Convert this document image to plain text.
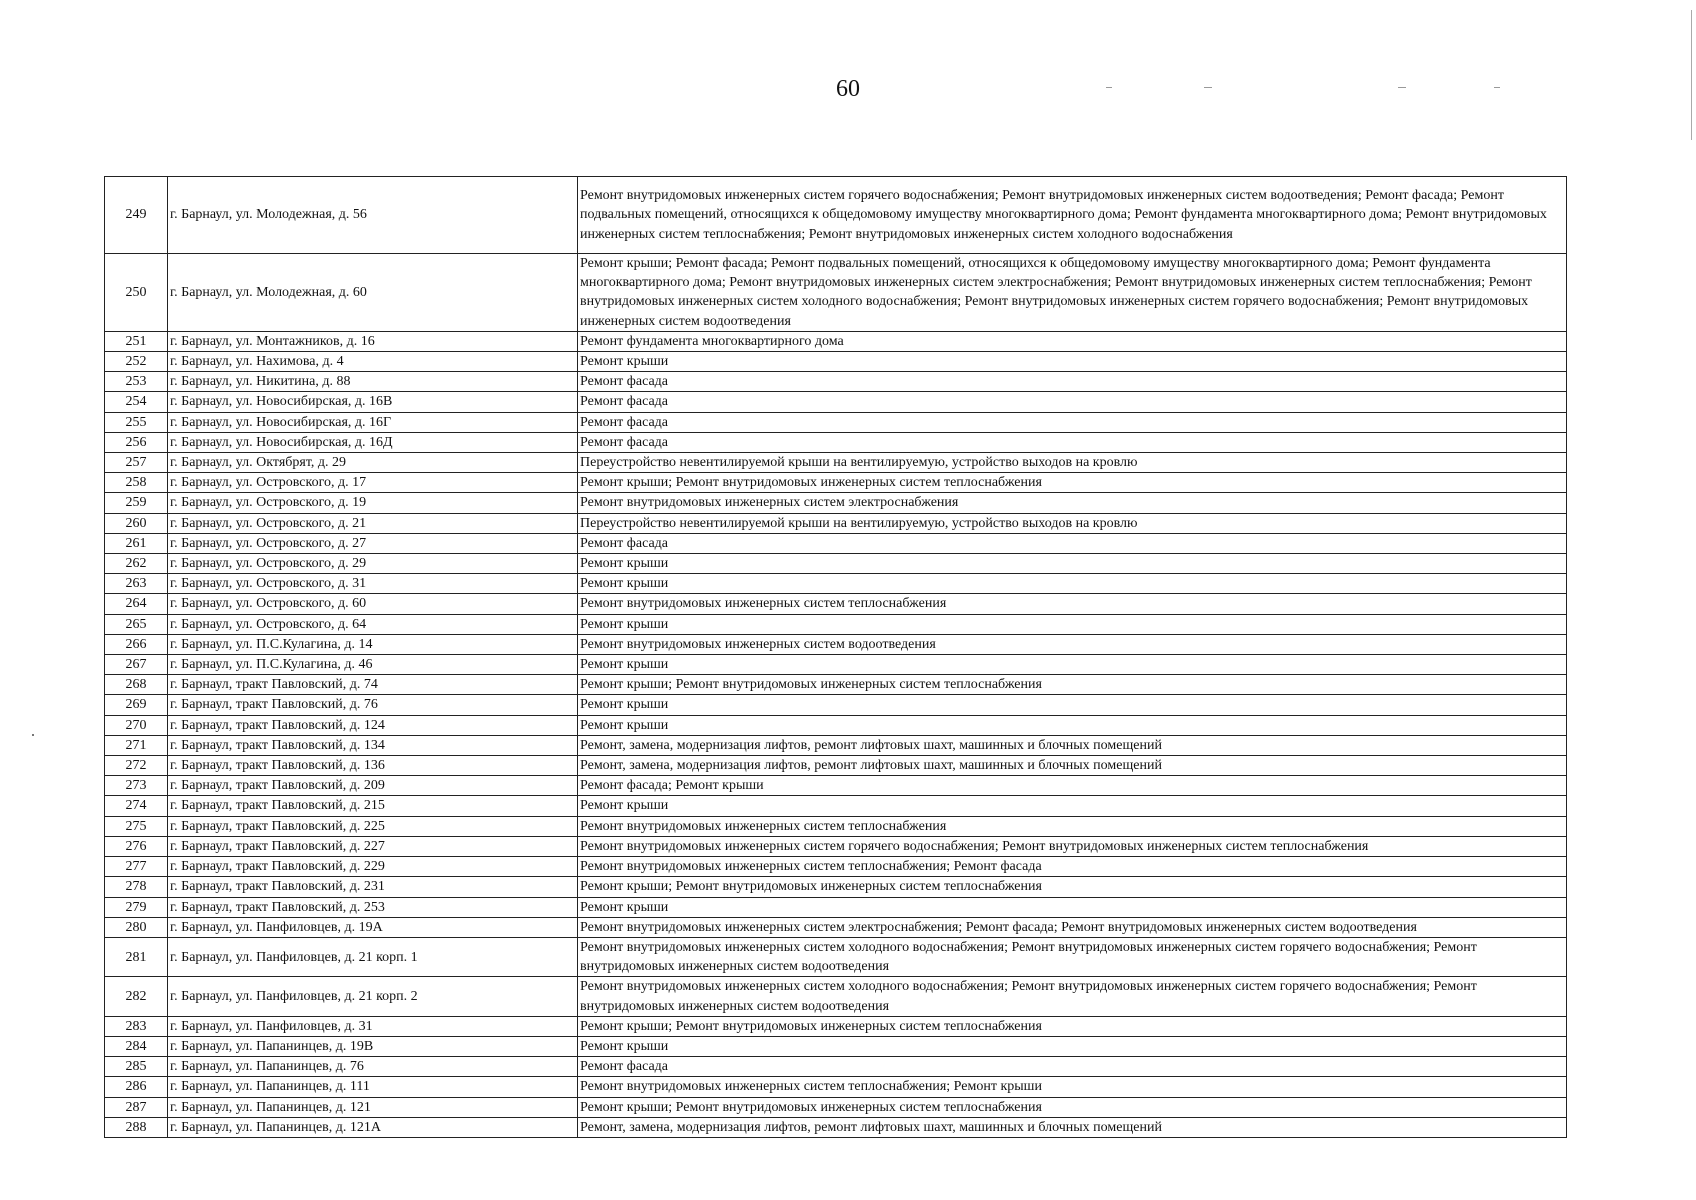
60
249	г. Барнаул, ул. Молодежная, д. 56	Ремонт внутридомовых инженерных систем горячего водоснабжения; Ремонт внутридомовых инженерных систем водоотведения; Ремонт фасада; Ремонт подвальных помещений, относящихся к общедомовому имуществу многоквартирного дома; Ремонт фундамента многоквартирного дома; Ремонт внутридомовых инженерных систем теплоснабжения; Ремонт внутридомовых инженерных систем холодного водоснабжения
250	г. Барнаул, ул. Молодежная, д. 60	Ремонт крыши; Ремонт фасада; Ремонт подвальных помещений, относящихся к общедомовому имуществу многоквартирного дома; Ремонт фундамента многоквартирного дома; Ремонт внутридомовых инженерных систем электроснабжения; Ремонт внутридомовых инженерных систем теплоснабжения; Ремонт внутридомовых инженерных систем холодного водоснабжения; Ремонт внутридомовых инженерных систем горячего водоснабжения; Ремонт внутридомовых инженерных систем водоотведения
251	г. Барнаул, ул. Монтажников, д. 16	Ремонт фундамента многоквартирного дома
252	г. Барнаул, ул. Нахимова, д. 4	Ремонт крыши
253	г. Барнаул, ул. Никитина, д. 88	Ремонт фасада
254	г. Барнаул, ул. Новосибирская, д. 16В	Ремонт фасада
255	г. Барнаул, ул. Новосибирская, д. 16Г	Ремонт фасада
256	г. Барнаул, ул. Новосибирская, д. 16Д	Ремонт фасада
257	г. Барнаул, ул. Октябрят, д. 29	Переустройство невентилируемой крыши на вентилируемую, устройство выходов на кровлю
258	г. Барнаул, ул. Островского, д. 17	Ремонт крыши; Ремонт внутридомовых инженерных систем теплоснабжения
259	г. Барнаул, ул. Островского, д. 19	Ремонт внутридомовых инженерных систем электроснабжения
260	г. Барнаул, ул. Островского, д. 21	Переустройство невентилируемой крыши на вентилируемую, устройство выходов на кровлю
261	г. Барнаул, ул. Островского, д. 27	Ремонт фасада
262	г. Барнаул, ул. Островского, д. 29	Ремонт крыши
263	г. Барнаул, ул. Островского, д. 31	Ремонт крыши
264	г. Барнаул, ул. Островского, д. 60	Ремонт внутридомовых инженерных систем теплоснабжения
265	г. Барнаул, ул. Островского, д. 64	Ремонт крыши
266	г. Барнаул, ул. П.С.Кулагина, д. 14	Ремонт внутридомовых инженерных систем водоотведения
267	г. Барнаул, ул. П.С.Кулагина, д. 46	Ремонт крыши
268	г. Барнаул, тракт Павловский, д. 74	Ремонт крыши; Ремонт внутридомовых инженерных систем теплоснабжения
269	г. Барнаул, тракт Павловский, д. 76	Ремонт крыши
270	г. Барнаул, тракт Павловский, д. 124	Ремонт крыши
271	г. Барнаул, тракт Павловский, д. 134	Ремонт, замена, модернизация лифтов, ремонт лифтовых шахт, машинных и блочных помещений
272	г. Барнаул, тракт Павловский, д. 136	Ремонт, замена, модернизация лифтов, ремонт лифтовых шахт, машинных и блочных помещений
273	г. Барнаул, тракт Павловский, д. 209	Ремонт фасада; Ремонт крыши
274	г. Барнаул, тракт Павловский, д. 215	Ремонт крыши
275	г. Барнаул, тракт Павловский, д. 225	Ремонт внутридомовых инженерных систем теплоснабжения
276	г. Барнаул, тракт Павловский, д. 227	Ремонт внутридомовых инженерных систем горячего водоснабжения; Ремонт внутридомовых инженерных систем теплоснабжения
277	г. Барнаул, тракт Павловский, д. 229	Ремонт внутридомовых инженерных систем теплоснабжения; Ремонт фасада
278	г. Барнаул, тракт Павловский, д. 231	Ремонт крыши; Ремонт внутридомовых инженерных систем теплоснабжения
279	г. Барнаул, тракт Павловский, д. 253	Ремонт крыши
280	г. Барнаул, ул. Панфиловцев, д. 19А	Ремонт внутридомовых инженерных систем электроснабжения; Ремонт фасада; Ремонт внутридомовых инженерных систем водоотведения
281	г. Барнаул, ул. Панфиловцев, д. 21 корп. 1	Ремонт внутридомовых инженерных систем холодного водоснабжения; Ремонт внутридомовых инженерных систем горячего водоснабжения; Ремонт внутридомовых инженерных систем водоотведения
282	г. Барнаул, ул. Панфиловцев, д. 21 корп. 2	Ремонт внутридомовых инженерных систем холодного водоснабжения; Ремонт внутридомовых инженерных систем горячего водоснабжения; Ремонт внутридомовых инженерных систем водоотведения
283	г. Барнаул, ул. Панфиловцев, д. 31	Ремонт крыши; Ремонт внутридомовых инженерных систем теплоснабжения
284	г. Барнаул, ул. Папанинцев, д. 19В	Ремонт крыши
285	г. Барнаул, ул. Папанинцев, д. 76	Ремонт фасада
286	г. Барнаул, ул. Папанинцев, д. 111	Ремонт внутридомовых инженерных систем теплоснабжения; Ремонт крыши
287	г. Барнаул, ул. Папанинцев, д. 121	Ремонт крыши; Ремонт внутридомовых инженерных систем теплоснабжения
288	г. Барнаул, ул. Папанинцев, д. 121А	Ремонт, замена, модернизация лифтов, ремонт лифтовых шахт, машинных и блочных помещений
